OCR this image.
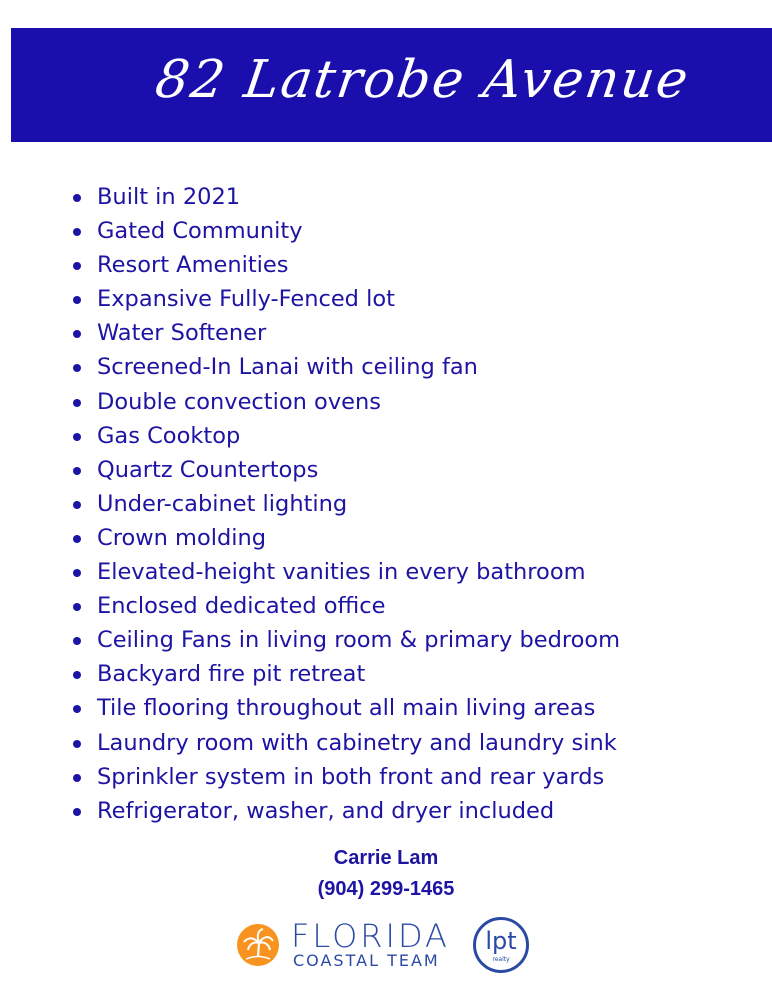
82 Latrobe Avenue
Built in 2021
Gated Community
Resort Amenities
Expansive Fully-Fenced lot
Water Softener
Screened-In Lanai with ceiling fan
Double convection ovens
Gas Cooktop
Quartz Countertops
Under-cabinet lighting
Crown molding
Elevated-height vanities in every bathroom
Enclosed dedicated office
Ceiling Fans in living room & primary bedroom
Backyard fire pit retreat
Tile flooring throughout all main living areas
Laundry room with cabinetry and laundry sink
Sprinkler system in both front and rear yards
Refrigerator, washer, and dryer included
Carrie Lam
(904) 299-1465
FLORIDA
COASTAL TEAM
lpt
realty
